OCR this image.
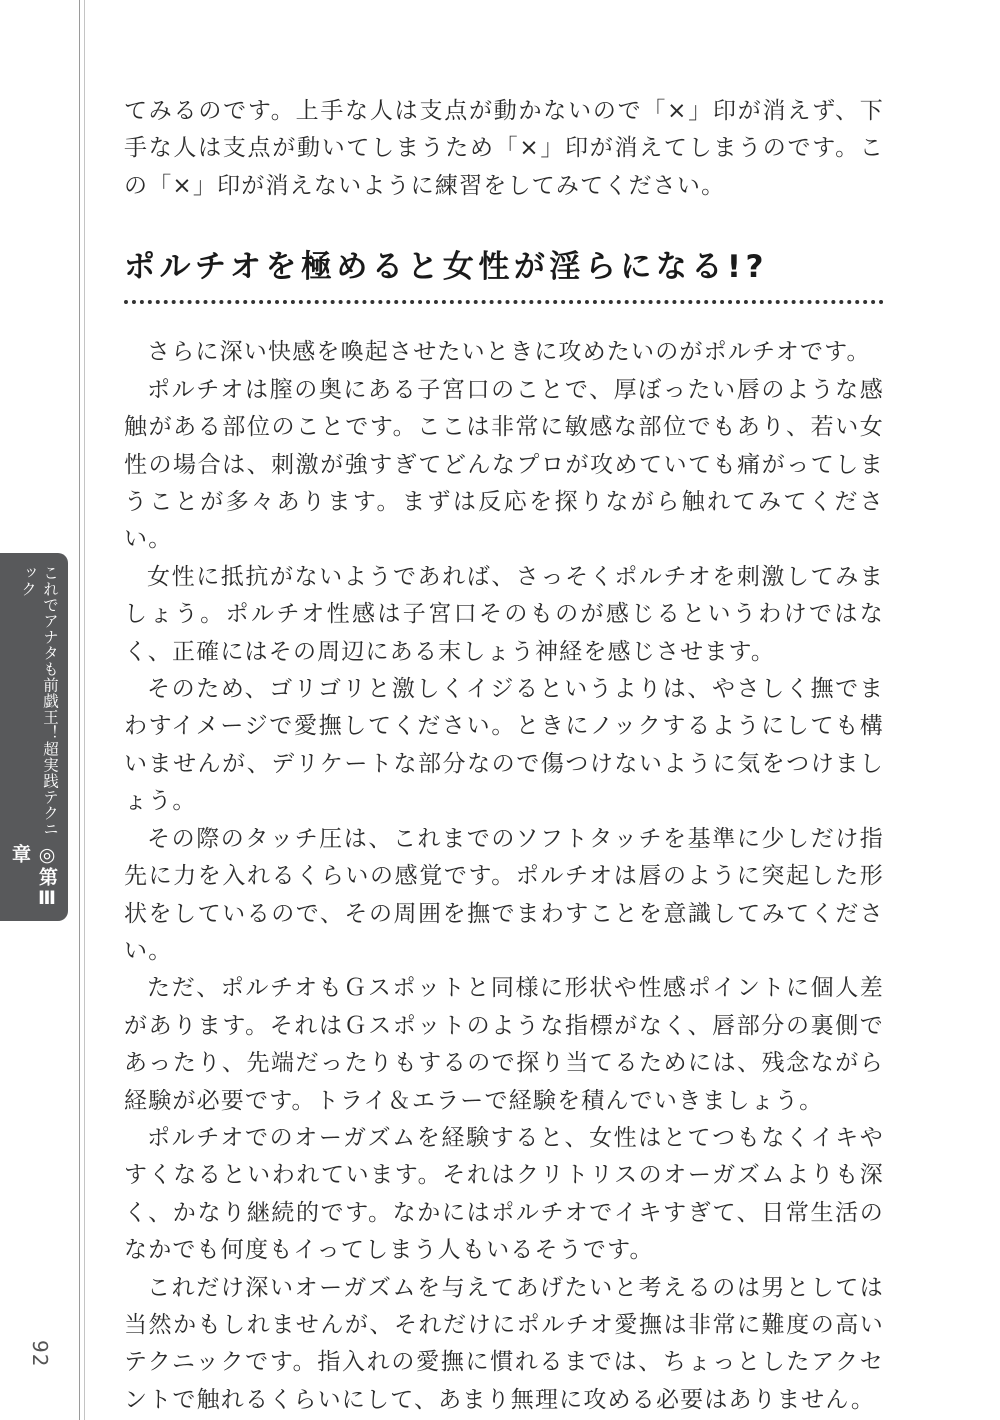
◎第Ⅲ章
これでアナタも前戯王！超実践テクニック
92

てみるのです。上手な人は支点が動かないので「×」印が消えず、下手な人は支点が動いてしまうため「×」印が消えてしまうのです。この「×」印が消えないように練習をしてみてください。

ポルチオを極めると女性が淫らになる!?

さらに深い快感を喚起させたいときに攻めたいのがポルチオです。

ポルチオは膣の奥にある子宮口のことで、厚ぼったい唇のような感触がある部位のことです。ここは非常に敏感な部位でもあり、若い女性の場合は、刺激が強すぎてどんなプロが攻めていても痛がってしまうことが多々あります。まずは反応を探りながら触れてみてください。

女性に抵抗がないようであれば、さっそくポルチオを刺激してみましょう。ポルチオ性感は子宮口そのものが感じるというわけではなく、正確にはその周辺にある末しょう神経を感じさせます。

そのため、ゴリゴリと激しくイジるというよりは、やさしく撫でまわすイメージで愛撫してください。ときにノックするようにしても構いませんが、デリケートな部分なので傷つけないように気をつけましょう。

その際のタッチ圧は、これまでのソフトタッチを基準に少しだけ指先に力を入れるくらいの感覚です。ポルチオは唇のように突起した形状をしているので、その周囲を撫でまわすことを意識してみてください。

ただ、ポルチオもＧスポットと同様に形状や性感ポイントに個人差があります。それはＧスポットのような指標がなく、唇部分の裏側であったり、先端だったりもするので探り当てるためには、残念ながら経験が必要です。トライ＆エラーで経験を積んでいきましょう。

ポルチオでのオーガズムを経験すると、女性はとてつもなくイキやすくなるといわれています。それはクリトリスのオーガズムよりも深く、かなり継続的です。なかにはポルチオでイキすぎて、日常生活のなかでも何度もイってしまう人もいるそうです。

これだけ深いオーガズムを与えてあげたいと考えるのは男としては当然かもしれませんが、それだけにポルチオ愛撫は非常に難度の高いテクニックです。指入れの愛撫に慣れるまでは、ちょっとしたアクセントで触れるくらいにして、あまり無理に攻める必要はありません。
